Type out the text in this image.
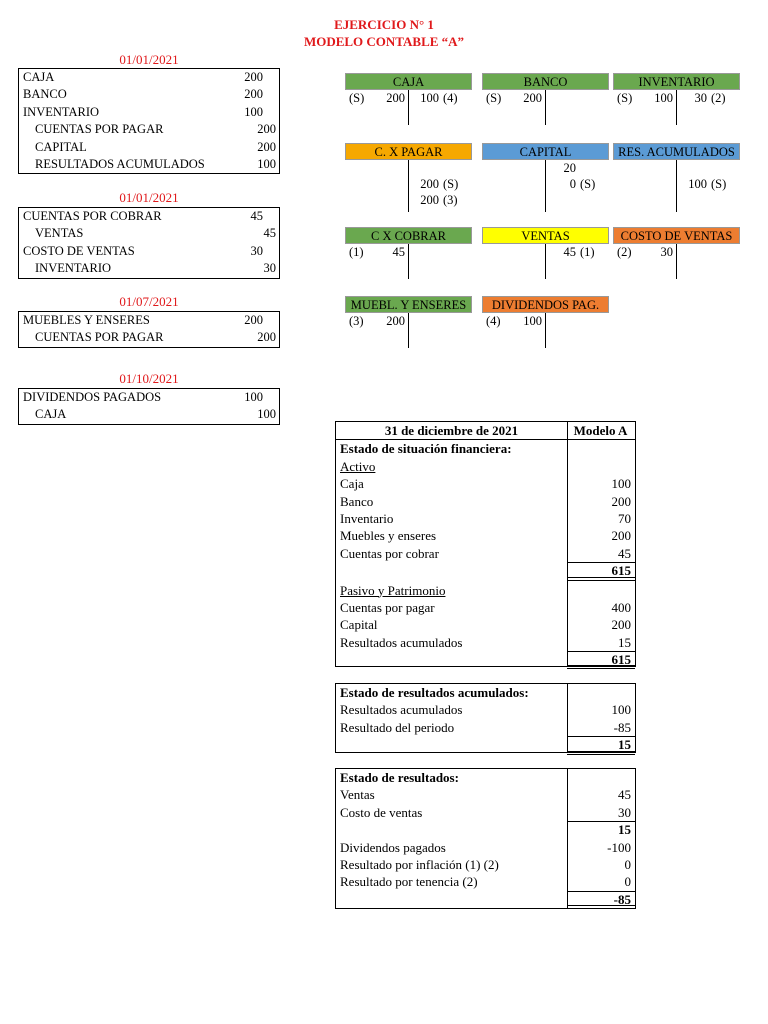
EJERCICIO N° 1
MODELO CONTABLE “A”
01/01/2021
CAJA	200
BANCO	200
INVENTARIO	100
CUENTAS POR PAGAR	200
CAPITAL	200
RESULTADOS ACUMULADOS	100
01/01/2021
CUENTAS POR COBRAR	45
VENTAS	45
COSTO DE VENTAS	30
INVENTARIO	30
01/07/2021
MUEBLES Y ENSERES	200
CUENTAS POR PAGAR	200
01/10/2021
DIVIDENDOS PAGADOS	100
CAJA	100
CAJA
(S)	200	100 (4)
BANCO
(S)	200
INVENTARIO
(S)	100	30 (2)
C. X PAGAR
200 (S)
200 (3)
CAPITAL
20
0 (S)
RES. ACUMULADOS
100 (S)
C X COBRAR
(1)	45
VENTAS
45 (1)
COSTO DE VENTAS
(2)	30
MUEBL. Y ENSERES
(3)	200
DIVIDENDOS PAG.
(4)	100
31 de diciembre de 2021	Modelo A
Estado de situación financiera:
Activo
Caja	100
Banco	200
Inventario	70
Muebles y enseres	200
Cuentas por cobrar	45
615
Pasivo y Patrimonio
Cuentas por pagar	400
Capital	200
Resultados acumulados	15
615
Estado de resultados acumulados:
Resultados acumulados	100
Resultado del periodo	-85
15
Estado de resultados:
Ventas	45
Costo de ventas	30
15
Dividendos pagados	-100
Resultado por inflación (1) (2)	0
Resultado por tenencia (2)	0
-85
